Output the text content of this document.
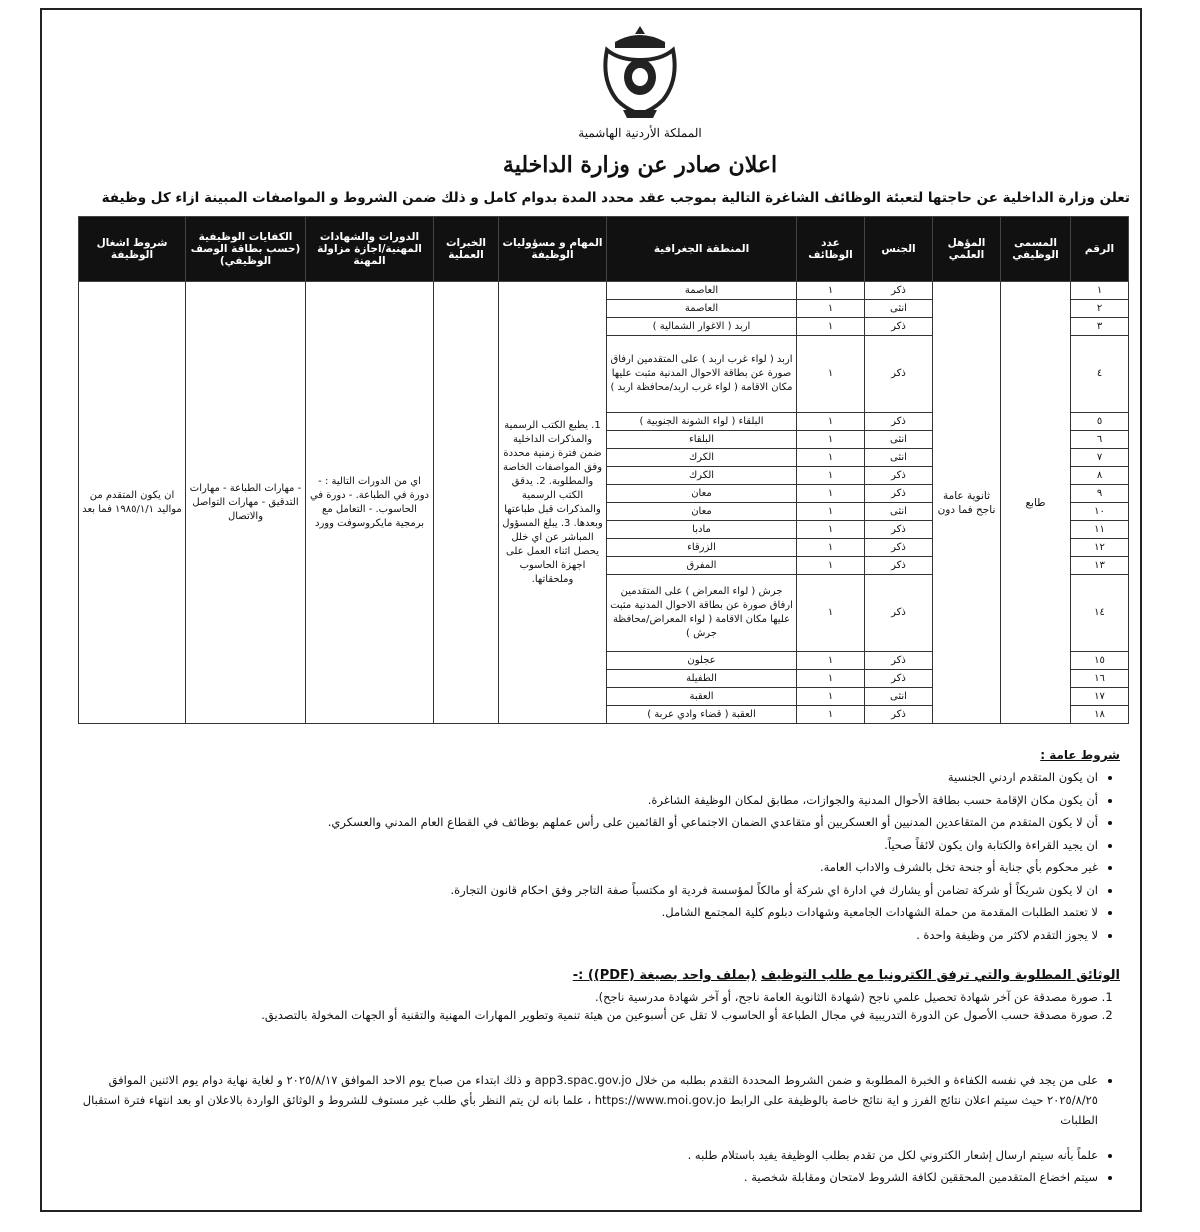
المملكة الأردنية الهاشمية
اعلان صادر عن وزارة الداخلية
تعلن وزارة الداخلية عن حاجتها لتعبئة الوظائف الشاغرة التالية بموجب عقد محدد المدة بدوام كامل و ذلك ضمن الشروط و المواصفات المبينة ازاء كل وظيفة
الرقم	المسمى الوظيفي	المؤهل العلمي	الجنس	عدد الوظائف	المنطقة الجغرافية	المهام و مسؤوليات الوظيفة	الخبرات العملية	الدورات والشهادات المهنية/اجازة مزاولة المهنة	الكفايات الوظيفية (حسب بطاقة الوصف الوظيفي)	شروط اشغال الوظيفة
١	طابع	ثانوية عامة ناجح فما دون	ذكر	١	العاصمة	1. يطبع الكتب الرسمية والمذكرات الداخلية ضمن فترة زمنية محددة وفق المواصفات الخاصة والمطلوبة. 2. يدقق الكتب الرسمية والمذكرات قبل طباعتها وبعدها. 3. يبلغ المسؤول المباشر عن اي خلل يحصل اثناء العمل على اجهزة الحاسوب وملحقاتها.		اي من الدورات التالية : - دورة في الطباعة. - دورة في الحاسوب. - التعامل مع برمجية مايكروسوفت وورد	- مهارات الطباعة - مهارات التدقيق - مهارات التواصل والاتصال	ان يكون المتقدم من مواليد ١٩٨٥/١/١ فما بعد
٢			انثى	١	العاصمة					
٣			ذكر	١	اربد ( الاغوار الشمالية )					
٤			ذكر	١	اربد ( لواء غرب اربد ) على المتقدمين ارفاق صورة عن بطاقة الاحوال المدنية مثبت عليها مكان الاقامة ( لواء غرب اربد/محافظة اربد )					
٥			ذكر	١	البلقاء ( لواء الشونة الجنوبية )					
٦			انثى	١	البلقاء					
٧			انثى	١	الكرك					
٨			ذكر	١	الكرك					
٩			ذكر	١	معان					
١٠			انثى	١	معان					
١١			ذكر	١	مادبا					
١٢			ذكر	١	الزرقاء					
١٣			ذكر	١	المفرق					
١٤			ذكر	١	جرش ( لواء المعراض ) على المتقدمين ارفاق صورة عن بطاقة الاحوال المدنية مثبت عليها مكان الاقامة ( لواء المعراض/محافظة جرش )					
١٥			ذكر	١	عجلون					
١٦			ذكر	١	الطفيلة					
١٧			انثى	١	العقبة					
١٨			ذكر	١	العقبة ( قضاء وادي عربة )					
شروط عامة :
• ان يكون المتقدم اردني الجنسية
• أن يكون مكان الإقامة حسب بطاقة الأحوال المدنية والجوازات، مطابق لمكان الوظيفة الشاغرة.
• أن لا يكون المتقدم من المتقاعدين المدنيين أو العسكريين أو متقاعدي الضمان الاجتماعي أو القائمين على رأس عملهم بوظائف في القطاع العام المدني والعسكري.
• ان يجيد القراءة والكتابة وان يكون لائقاً صحياً.
• غير محكوم بأي جناية أو جنحة تخل بالشرف والاداب العامة.
• ان لا يكون شريكاً أو شركة تضامن أو يشارك في ادارة اي شركة أو مالكاً لمؤسسة فردية او مكتسباً صفة التاجر وفق احكام قانون التجارة.
• لا تعتمد الطلبات المقدمة من حملة الشهادات الجامعية وشهادات دبلوم كلية المجتمع الشامل.
• لا يجوز التقدم لاكثر من وظيفة واحدة .
الوثائق المطلوبة والتي ترفق الكترونيا مع طلب التوظيف (بملف واحد بصيغة (PDF)) :-
1. صورة مصدقة عن آخر شهادة تحصيل علمي ناجح (شهادة الثانوية العامة ناجح، أو آخر شهادة مدرسية ناجح).
2. صورة مصدقة حسب الأصول عن الدورة التدريبية في مجال الطباعة أو الحاسوب لا تقل عن أسبوعين من هيئة تنمية وتطوير المهارات المهنية والتقنية أو الجهات المخولة بالتصديق.
• على من يجد في نفسه الكفاءة و الخبرة المطلوبة و ضمن الشروط المحددة التقدم بطلبه من خلال app3.spac.gov.jo و ذلك ابتداء من صباح يوم الاحد الموافق ٢٠٢٥/٨/١٧ و لغاية نهاية دوام يوم الاثنين الموافق ٢٠٢٥/٨/٢٥ حيث سيتم اعلان نتائج الفرز و اية نتائج خاصة بالوظيفة على الرابط https://www.moi.gov.jo ، علما بانه لن يتم النظر بأي طلب غير مستوف للشروط و الوثائق الواردة بالاعلان او بعد انتهاء فترة استقبال الطلبات
• علماً بأنه سيتم ارسال إشعار الكتروني لكل من تقدم بطلب الوظيفة يفيد باستلام طلبه .
• سيتم اخضاع المتقدمين المحققين لكافة الشروط لامتحان ومقابلة شخصية .
